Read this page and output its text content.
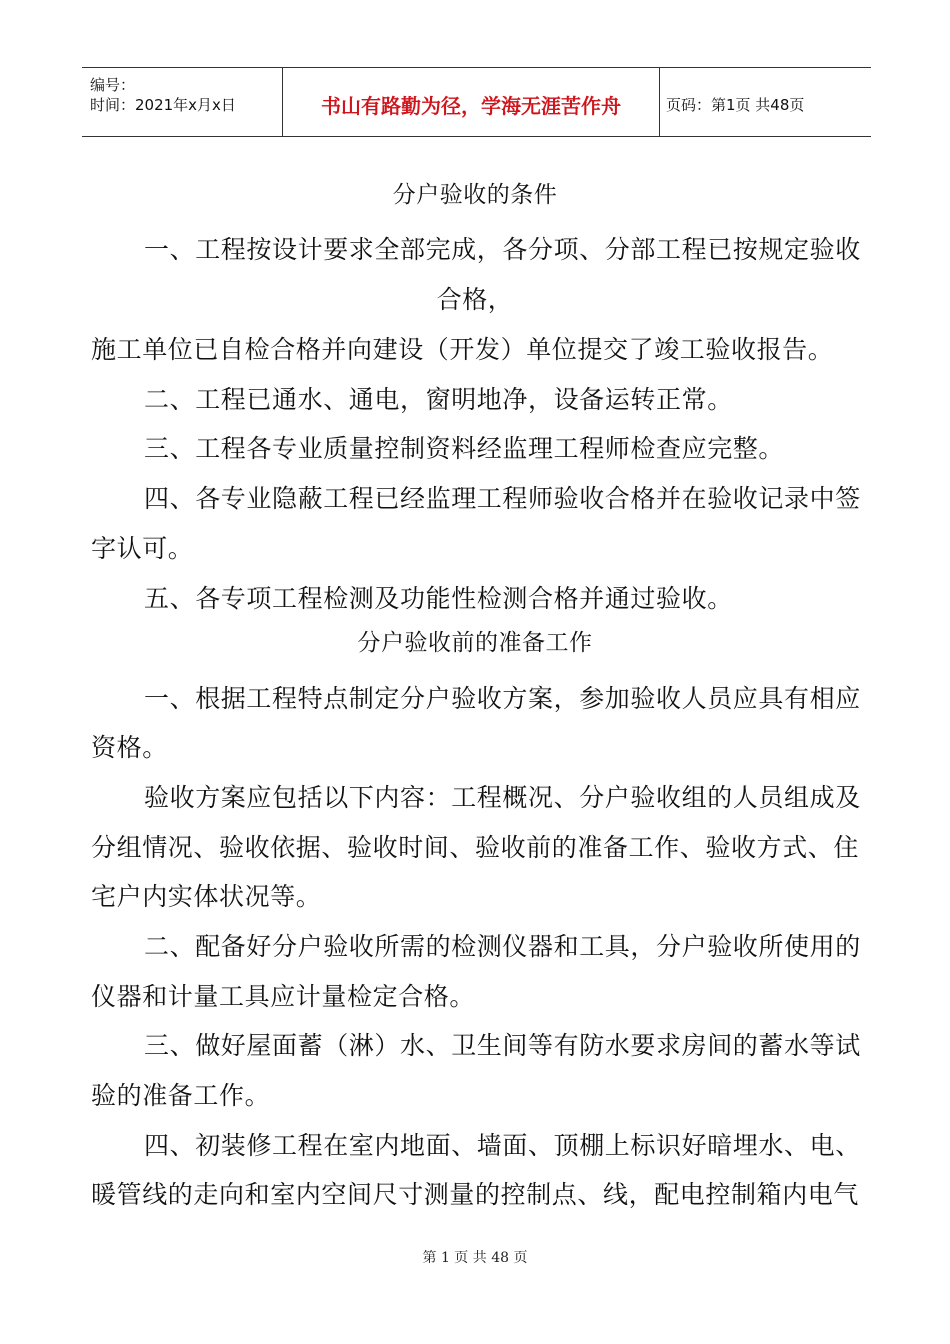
编号：
时间：2021年x月x日	书山有路勤为径，学海无涯苦作舟	页码：第1页 共48页
分户验收的条件

一、工程按设计要求全部完成，各分项、分部工程已按规定验收

合格，

施工单位已自检合格并向建设（开发）单位提交了竣工验收报告。

二、工程已通水、通电，窗明地净，设备运转正常。

三、工程各专业质量控制资料经监理工程师检查应完整。

四、各专业隐蔽工程已经监理工程师验收合格并在验收记录中签

字认可。

五、各专项工程检测及功能性检测合格并通过验收。

分户验收前的准备工作

一、根据工程特点制定分户验收方案，参加验收人员应具有相应

资格。

验收方案应包括以下内容：工程概况、分户验收组的人员组成及

分组情况、验收依据、验收时间、验收前的准备工作、验收方式、住

宅户内实体状况等。

二、配备好分户验收所需的检测仪器和工具，分户验收所使用的

仪器和计量工具应计量检定合格。

三、做好屋面蓄（淋）水、卫生间等有防水要求房间的蓄水等试

验的准备工作。

四、初装修工程在室内地面、墙面、顶棚上标识好暗埋水、电、

暖管线的走向和室内空间尺寸测量的控制点、线，配电控制箱内电气

第 1 页 共 48 页
